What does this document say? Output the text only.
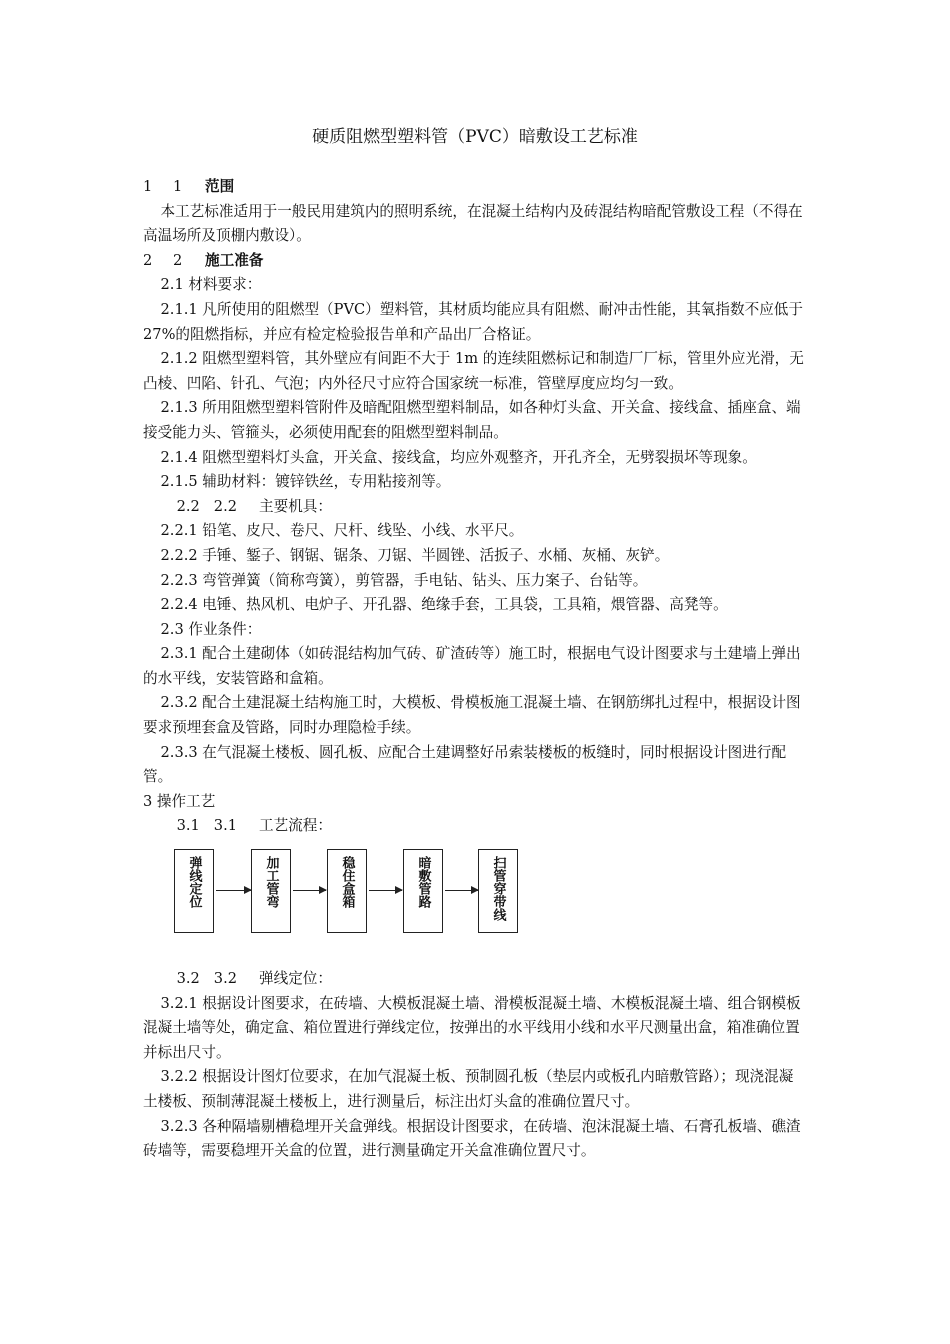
硬质阻燃型塑料管（PVC）暗敷设工艺标准

1 1 范围

本工艺标准适用于一般民用建筑内的照明系统，在混凝土结构内及砖混结构暗配管敷设工程（不得在高温场所及顶棚内敷设）。

2 2 施工准备

2.1 材料要求：

2.1.1 凡所使用的阻燃型（PVC）塑料管，其材质均能应具有阻燃、耐冲击性能，其氧指数不应低于 27%的阻燃指标，并应有检定检验报告单和产品出厂合格证。

2.1.2 阻燃型塑料管，其外壁应有间距不大于 1m 的连续阻燃标记和制造厂厂标，管里外应光滑，无凸棱、凹陷、针孔、气泡；内外径尺寸应符合国家统一标准，管壁厚度应均匀一致。

2.1.3 所用阻燃型塑料管附件及暗配阻燃型塑料制品，如各种灯头盒、开关盒、接线盒、插座盒、端接受能力头、管箍头，必须使用配套的阻燃型塑料制品。

2.1.4 阻燃型塑料灯头盒，开关盒、接线盒，均应外观整齐，开孔齐全，无劈裂损坏等现象。

2.1.5 辅助材料：镀锌铁丝，专用粘接剂等。

2.2 2.2 主要机具：

2.2.1 铅笔、皮尺、卷尺、尺杆、线坠、小线、水平尺。

2.2.2 手锤、錾子、钢锯、锯条、刀锯、半圆锉、活扳子、水桶、灰桶、灰铲。

2.2.3 弯管弹簧（简称弯簧），剪管器，手电钻、钻头、压力案子、台钻等。

2.2.4 电锤、热风机、电炉子、开孔器、绝缘手套，工具袋，工具箱，煨管器、高凳等。

2.3 作业条件：

2.3.1 配合土建砌体（如砖混结构加气砖、矿渣砖等）施工时，根据电气设计图要求与土建墙上弹出的水平线，安装管路和盒箱。

2.3.2 配合土建混凝土结构施工时，大模板、骨模板施工混凝土墙、在钢筋绑扎过程中，根据设计图要求预埋套盒及管路，同时办理隐检手续。

2.3.3 在气混凝土楼板、圆孔板、应配合土建调整好吊索装楼板的板缝时，同时根据设计图进行配管。

3 操作工艺

3.1 3.1 工艺流程：

弹线定位	加工管弯	稳住盒箱	暗敷管路	扫管穿带线

3.2 3.2 弹线定位：

3.2.1 根据设计图要求，在砖墙、大模板混凝土墙、滑模板混凝土墙、木模板混凝土墙、组合钢模板混凝土墙等处，确定盒、箱位置进行弹线定位，按弹出的水平线用小线和水平尺测量出盒，箱准确位置并标出尺寸。

3.2.2 根据设计图灯位要求，在加气混凝土板、预制圆孔板（垫层内或板孔内暗敷管路）；现浇混凝土楼板、预制薄混凝土楼板上，进行测量后，标注出灯头盒的准确位置尺寸。

3.2.3 各种隔墙剔槽稳埋开关盒弹线。根据设计图要求，在砖墙、泡沫混凝土墙、石膏孔板墙、礁渣砖墙等，需要稳埋开关盒的位置，进行测量确定开关盒准确位置尺寸。
